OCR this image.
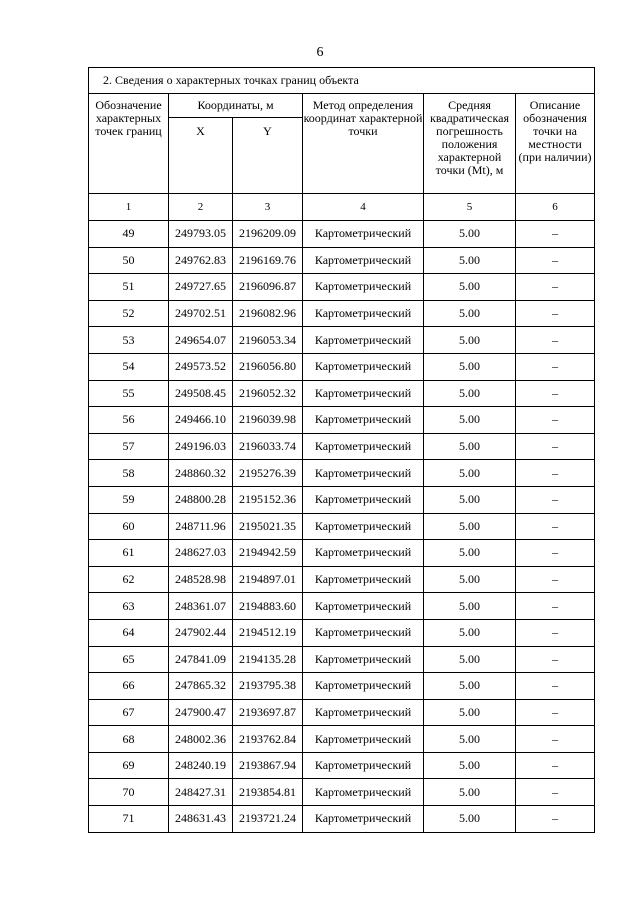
6
2. Сведения о характерных точках границ объекта					
Обозначение характерных точек границ	Координаты, м		Метод определения координат характерной точки	Средняя квадратическая погрешность положения характерной точки (Mt), м	Описание обозначения точки на местности (при наличии)
	X	Y			
1	2	3	4	5	6
49	249793.05	2196209.09	Картометрический	5.00	–
50	249762.83	2196169.76	Картометрический	5.00	–
51	249727.65	2196096.87	Картометрический	5.00	–
52	249702.51	2196082.96	Картометрический	5.00	–
53	249654.07	2196053.34	Картометрический	5.00	–
54	249573.52	2196056.80	Картометрический	5.00	–
55	249508.45	2196052.32	Картометрический	5.00	–
56	249466.10	2196039.98	Картометрический	5.00	–
57	249196.03	2196033.74	Картометрический	5.00	–
58	248860.32	2195276.39	Картометрический	5.00	–
59	248800.28	2195152.36	Картометрический	5.00	–
60	248711.96	2195021.35	Картометрический	5.00	–
61	248627.03	2194942.59	Картометрический	5.00	–
62	248528.98	2194897.01	Картометрический	5.00	–
63	248361.07	2194883.60	Картометрический	5.00	–
64	247902.44	2194512.19	Картометрический	5.00	–
65	247841.09	2194135.28	Картометрический	5.00	–
66	247865.32	2193795.38	Картометрический	5.00	–
67	247900.47	2193697.87	Картометрический	5.00	–
68	248002.36	2193762.84	Картометрический	5.00	–
69	248240.19	2193867.94	Картометрический	5.00	–
70	248427.31	2193854.81	Картометрический	5.00	–
71	248631.43	2193721.24	Картометрический	5.00	–
